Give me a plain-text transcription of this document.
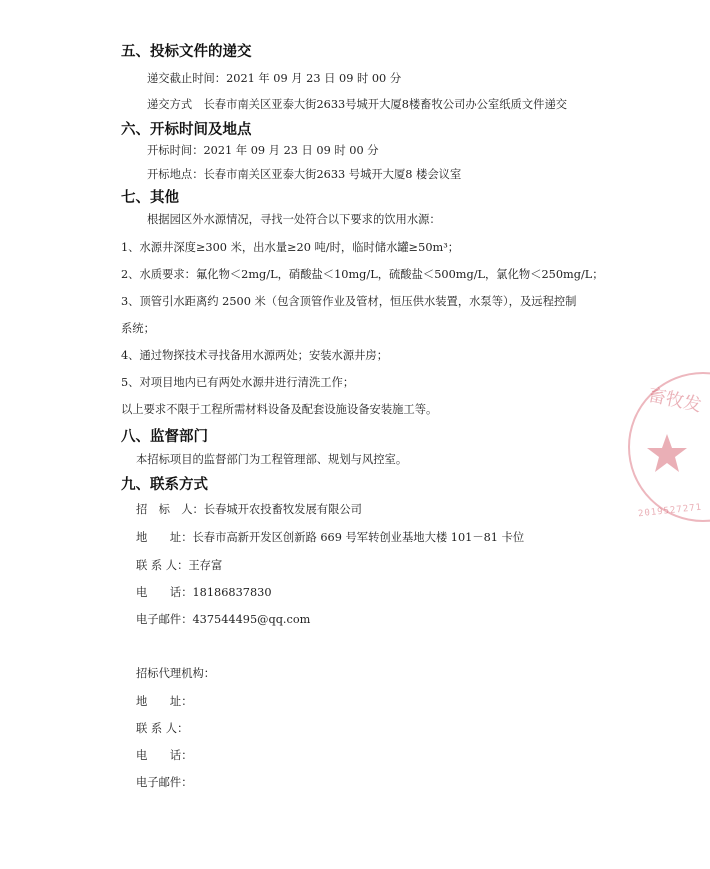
五、投标文件的递交
递交截止时间：2021 年 09 月 23 日 09 时 00 分
递交方式　长春市南关区亚泰大街2633号城开大厦8楼畜牧公司办公室纸质文件递交
六、开标时间及地点
开标时间：2021 年 09 月 23 日 09 时 00 分
开标地点：长春市南关区亚泰大街2633 号城开大厦8 楼会议室
七、其他
根据园区外水源情况，寻找一处符合以下要求的饮用水源：
1、水源井深度≥300 米，出水量≥20 吨/时，临时储水罐≥50m³；
2、水质要求：氟化物＜2mg/L，硝酸盐＜10mg/L，硫酸盐＜500mg/L，氯化物＜250mg/L；
3、顶管引水距离约 2500 米（包含顶管作业及管材，恒压供水装置，水泵等），及远程控制
系统；
4、通过物探技术寻找备用水源两处；安装水源井房；
5、对项目地内已有两处水源井进行清洗工作；
以上要求不限于工程所需材料设备及配套设施设备安装施工等。
八、监督部门
本招标项目的监督部门为工程管理部、规划与风控室。
九、联系方式
招　标　人：长春城开农投畜牧发展有限公司
地　　址：长春市高新开发区创新路 669 号军转创业基地大楼 101－81 卡位
联 系 人：王存富
电　　话：18186837830
电子邮件：437544495@qq.com
招标代理机构：
地　　址：
联 系 人：
电　　话：
电子邮件：
畜牧发
2019527271
